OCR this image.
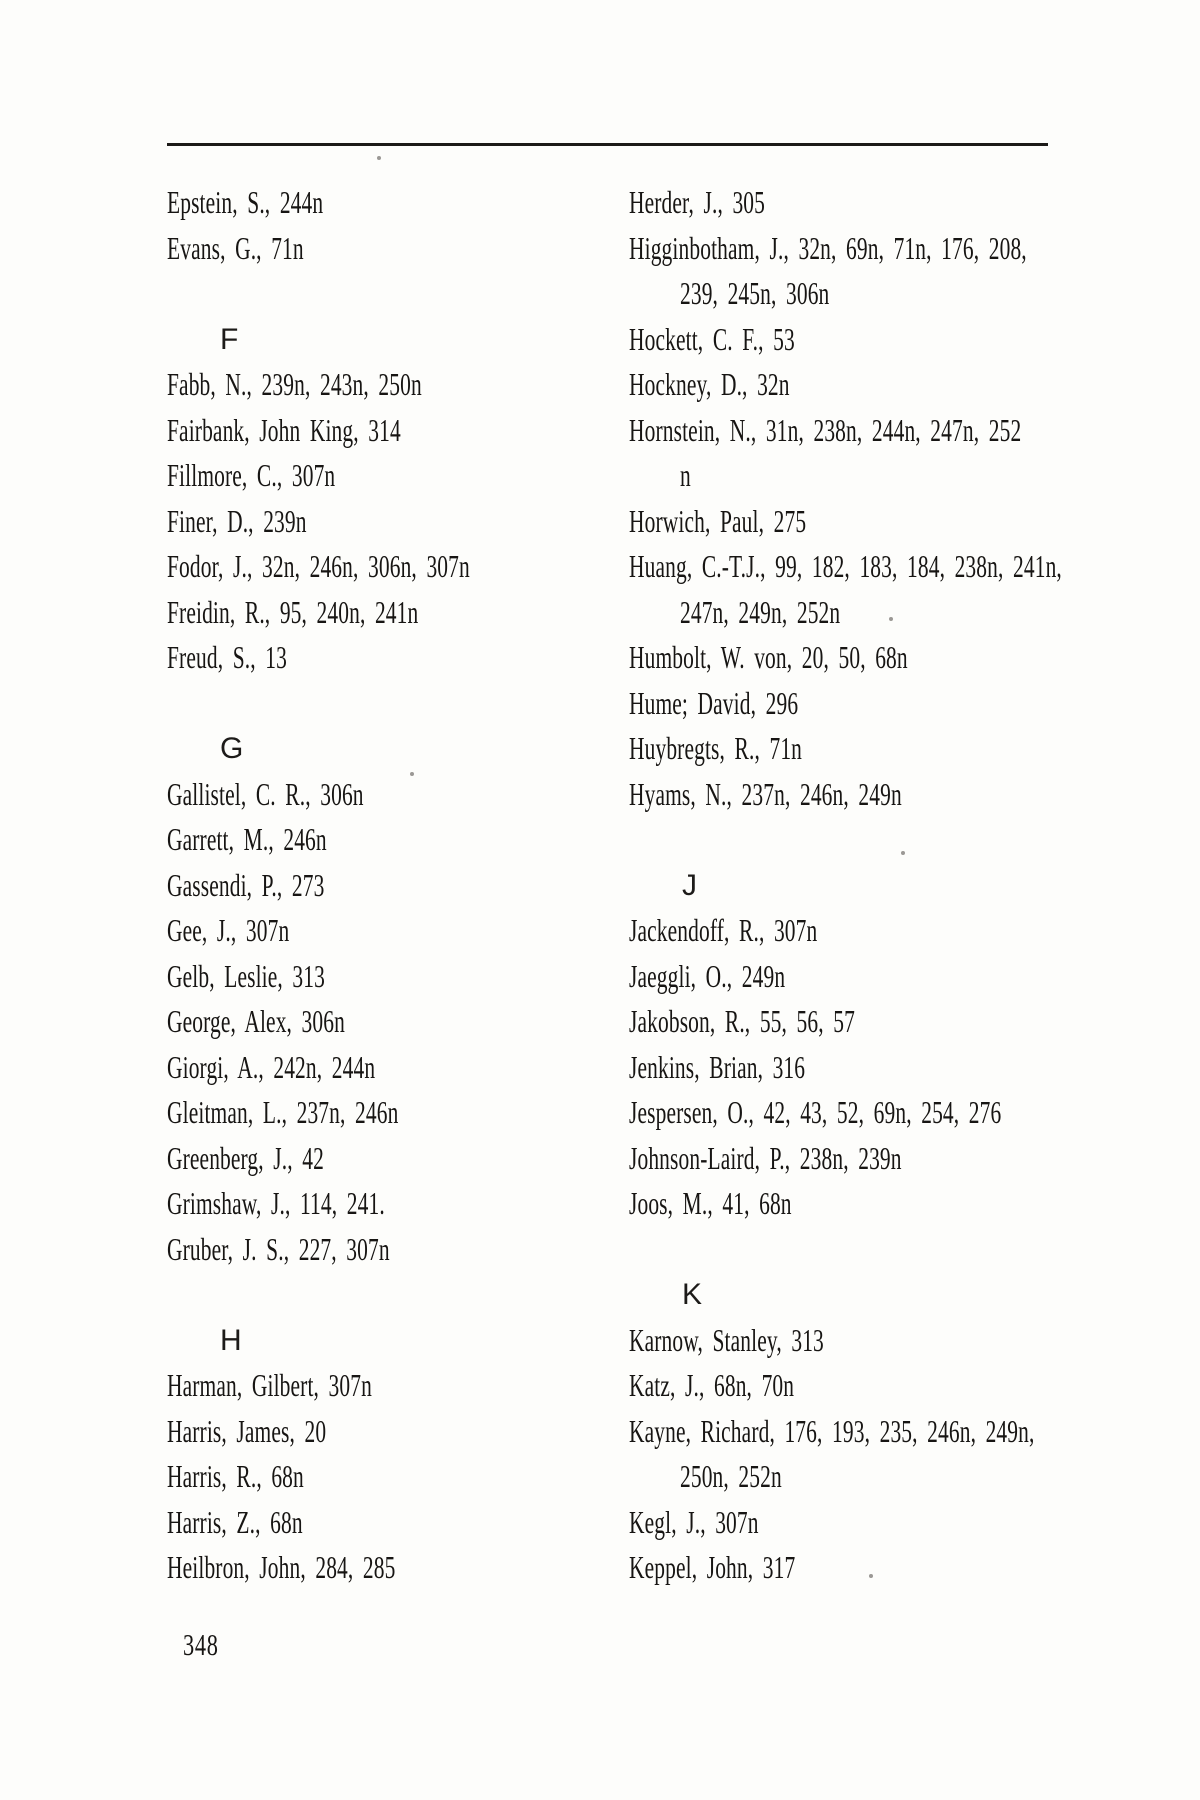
Epstein, S., 244n
Evans, G., 71n
F
Fabb, N., 239n, 243n, 250n
Fairbank, John King, 314
Fillmore, C., 307n
Finer, D., 239n
Fodor, J., 32n, 246n, 306n, 307n
Freidin, R., 95, 240n, 241n
Freud, S., 13
G
Gallistel, C. R., 306n
Garrett, M., 246n
Gassendi, P., 273
Gee, J., 307n
Gelb, Leslie, 313
George, Alex, 306n
Giorgi, A., 242n, 244n
Gleitman, L., 237n, 246n
Greenberg, J., 42
Grimshaw, J., 114, 241.
Gruber, J. S., 227, 307n
H
Harman, Gilbert, 307n
Harris, James, 20
Harris, R., 68n
Harris, Z., 68n
Heilbron, John, 284, 285
Herder, J., 305
Higginbotham, J., 32n, 69n, 71n, 176, 208,
239, 245n, 306n
Hockett, C. F., 53
Hockney, D., 32n
Hornstein, N., 31n, 238n, 244n, 247n, 252
n
Horwich, Paul, 275
Huang, C.-T.J., 99, 182, 183, 184, 238n, 241n,
247n, 249n, 252n
Humbolt, W. von, 20, 50, 68n
Hume; David, 296
Huybregts, R., 71n
Hyams, N., 237n, 246n, 249n
J
Jackendoff, R., 307n
Jaeggli, O., 249n
Jakobson, R., 55, 56, 57
Jenkins, Brian, 316
Jespersen, O., 42, 43, 52, 69n, 254, 276
Johnson-Laird, P., 238n, 239n
Joos, M., 41, 68n
K
Karnow, Stanley, 313
Katz, J., 68n, 70n
Kayne, Richard, 176, 193, 235, 246n, 249n,
250n, 252n
Kegl, J., 307n
Keppel, John, 317
348
